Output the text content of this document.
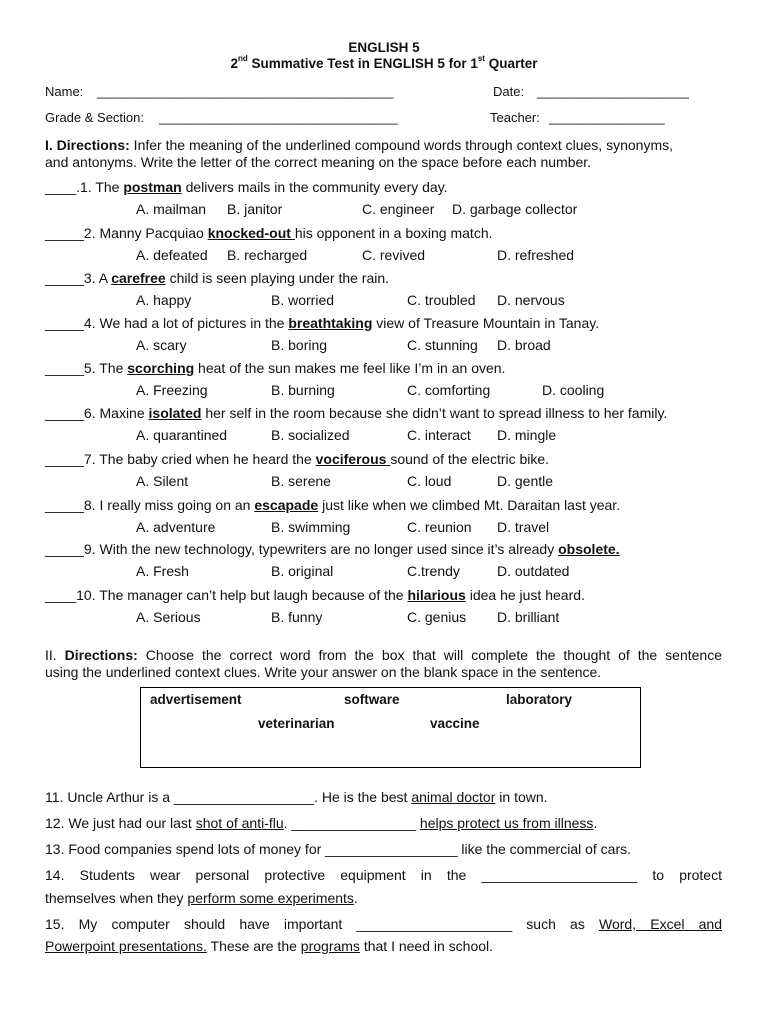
ENGLISH 5
2nd Summative Test in ENGLISH 5 for 1st Quarter
Name: _________________________________________	Date: _____________________
Grade & Section: _________________________________	Teacher: ________________
I. Directions: Infer the meaning of the underlined compound words through context clues, synonyms,
and antonyms. Write the letter of the correct meaning on the space before each number.
____.1. The postman delivers mails in the community every day.
A. mailman B. janitor	C. engineer D. garbage collector
_____2. Manny Pacquiao knocked-out his opponent in a boxing match.
A. defeated B. recharged	C. revived	D. refreshed
_____3. A carefree child is seen playing under the rain.
A. happy	B. worried	C. troubled D. nervous
_____4. We had a lot of pictures in the breathtaking view of Treasure Mountain in Tanay.
A. scary	B. boring	C. stunning D. broad
_____5. The scorching heat of the sun makes me feel like I’m in an oven.
A. Freezing	B. burning	C. comforting	D. cooling
_____6. Maxine isolated her self in the room because she didn’t want to spread illness to her family.
A. quarantined	B. socialized	C. interact D. mingle
_____7. The baby cried when he heard the vociferous sound of the electric bike.
A. Silent	B. serene	C. loud	D. gentle
_____8. I really miss going on an escapade just like when we climbed Mt. Daraitan last year.
A. adventure	B. swimming	C. reunion D. travel
_____9. With the new technology, typewriters are no longer used since it’s already obsolete.
A. Fresh	B. original	C.trendy	D. outdated
____10. The manager can’t help but laugh because of the hilarious idea he just heard.
A. Serious	B. funny	C. genius D. brilliant
II. Directions: Choose the correct word from the box that will complete the thought of the sentence
using the underlined context clues. Write your answer on the blank space in the sentence.
advertisement	software	laboratory
veterinarian	vaccine
11. Uncle Arthur is a __________________. He is the best animal doctor in town.
12. We just had our last shot of anti-flu. ________________ helps protect us from illness.
13. Food companies spend lots of money for _________________ like the commercial of cars.
14. Students wear personal protective equipment in the ____________________ to protect
themselves when they perform some experiments.
15. My computer should have important ____________________ such as Word, Excel and
Powerpoint presentations. These are the programs that I need in school.
